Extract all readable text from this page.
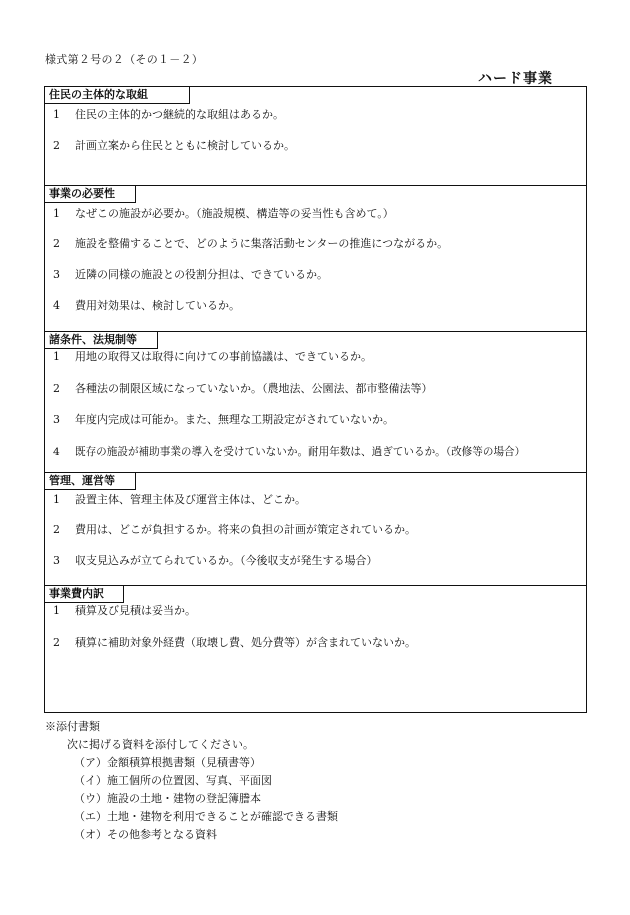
様式第２号の２（その１－２）
ハード事業
住民の主体的な取組
1 住民の主体的かつ継続的な取組はあるか。
2 計画立案から住民とともに検討しているか。
事業の必要性
1 なぜこの施設が必要か。（施設規模、構造等の妥当性も含めて。）
2 施設を整備することで、どのように集落活動センターの推進につながるか。
3 近隣の同様の施設との役割分担は、できているか。
4 費用対効果は、検討しているか。
諸条件、法規制等
1 用地の取得又は取得に向けての事前協議は、できているか。
2 各種法の制限区域になっていないか。（農地法、公園法、都市整備法等）
3 年度内完成は可能か。また、無理な工期設定がされていないか。
4 既存の施設が補助事業の導入を受けていないか。耐用年数は、過ぎているか。（改修等の場合）
管理、運営等
1 設置主体、管理主体及び運営主体は、どこか。
2 費用は、どこが負担するか。将来の負担の計画が策定されているか。
3 収支見込みが立てられているか。（今後収支が発生する場合）
事業費内訳
1 積算及び見積は妥当か。
2 積算に補助対象外経費（取壊し費、処分費等）が含まれていないか。
※添付書類
次に掲げる資料を添付してください。
（ア）金額積算根拠書類（見積書等）
（イ）施工個所の位置図、写真、平面図
（ウ）施設の土地・建物の登記簿謄本
（エ）土地・建物を利用できることが確認できる書類
（オ）その他参考となる資料
